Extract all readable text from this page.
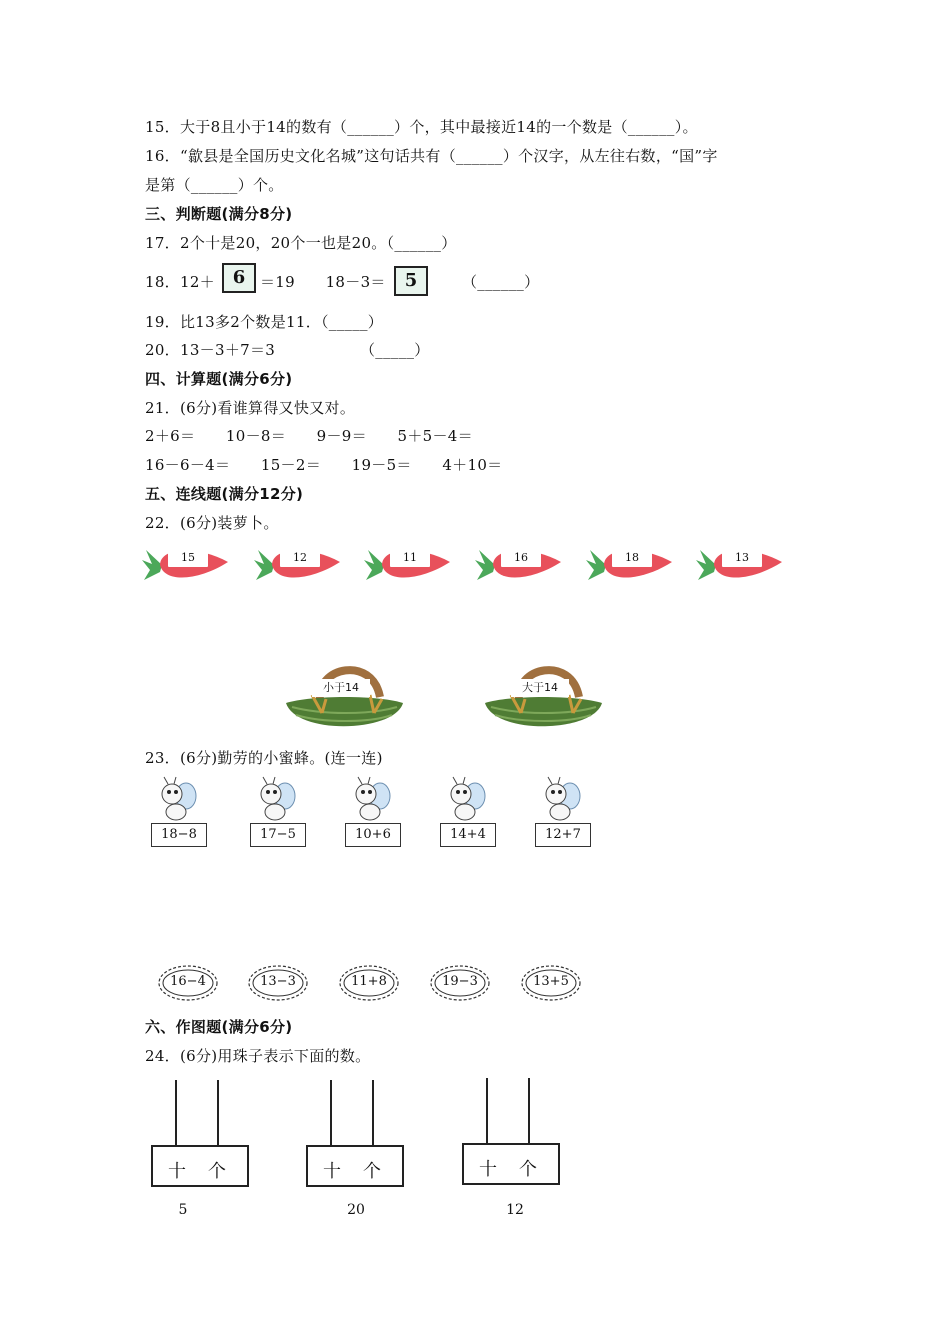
15．大于8且小于14的数有（______）个，其中最接近14的一个数是（______）。
16．“歙县是全国历史文化名城”这句话共有（______）个汉字，从左往右数，“国”字
是第（______）个。
三、判断题(满分8分)
17．2个十是20，20个一也是20。（______）
18．12＋ 6 ＝19　　18－3＝	5	（______）
19．比13多2个数是11．（_____）
20．13－3＋7＝3	（_____）
四、计算题(满分6分)
21．(6分)看谁算得又快又对。
2＋6＝　　10－8＝　　9－9＝　　5＋5－4＝
16－6－4＝　　15－2＝　　19－5＝　　4＋10＝
五、连线题(满分12分)
22．(6分)装萝卜。
15	12	11	16	18	13
小于14	大于14
23．(6分)勤劳的小蜜蜂。(连一连)
18−8	17−5	10+6	14+4	12+7
16−4	13−3	11+8	19−3	13+5
六、作图题(满分6分)
24．(6分)用珠子表示下面的数。
十 个
5
十 个
20
十 个
12
